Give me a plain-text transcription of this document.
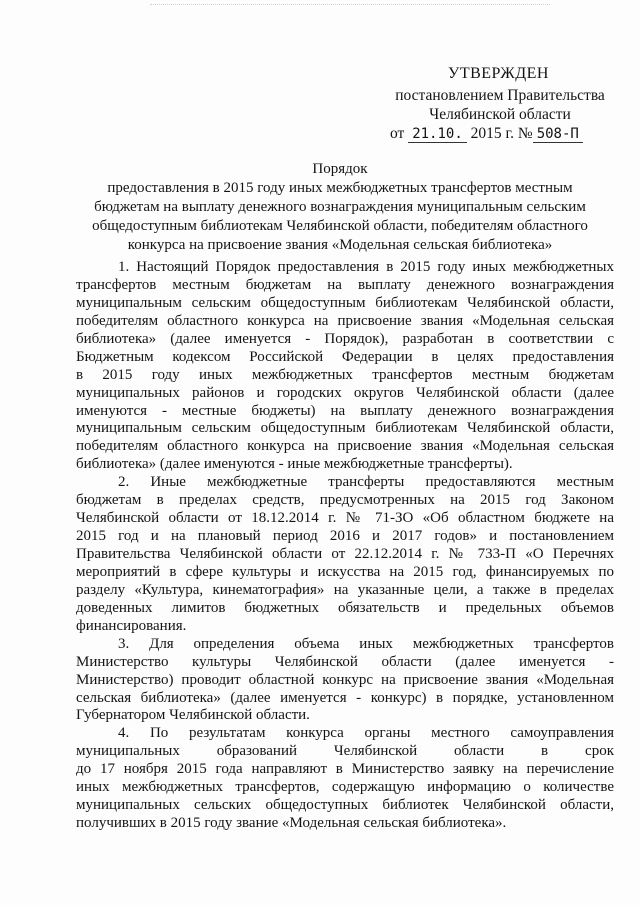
УТВЕРЖДЕН
постановлением Правительства
Челябинской области
от 21.10. 2015 г. № 508-П
Порядок
предоставления в 2015 году иных межбюджетных трансфертов местным
бюджетам на выплату денежного вознаграждения муниципальным сельским
общедоступным библиотекам Челябинской области, победителям областного
конкурса на присвоение звания «Модельная сельская библиотека»
1. Настоящий Порядок предоставления в 2015 году иных межбюджетных
трансфертов местным бюджетам на выплату денежного вознаграждения
муниципальным сельским общедоступным библиотекам Челябинской области,
победителям областного конкурса на присвоение звания «Модельная сельская
библиотека» (далее именуется - Порядок), разработан в соответствии с
Бюджетным кодексом Российской Федерации в целях предоставления
в 2015 году иных межбюджетных трансфертов местным бюджетам
муниципальных районов и городских округов Челябинской области (далее
именуются - местные бюджеты) на выплату денежного вознаграждения
муниципальным сельским общедоступным библиотекам Челябинской области,
победителям областного конкурса на присвоение звания «Модельная сельская
библиотека» (далее именуются - иные межбюджетные трансферты).
2. Иные межбюджетные трансферты предоставляются местным
бюджетам в пределах средств, предусмотренных на 2015 год Законом
Челябинской области от 18.12.2014 г. № 71-ЗО «Об областном бюджете на
2015 год и на плановый период 2016 и 2017 годов» и постановлением
Правительства Челябинской области от 22.12.2014 г. № 733-П «О Перечнях
мероприятий в сфере культуры и искусства на 2015 год, финансируемых по
разделу «Культура, кинематография» на указанные цели, а также в пределах
доведенных лимитов бюджетных обязательств и предельных объемов
финансирования.
3. Для определения объема иных межбюджетных трансфертов
Министерство культуры Челябинской области (далее именуется -
Министерство) проводит областной конкурс на присвоение звания «Модельная
сельская библиотека» (далее именуется - конкурс) в порядке, установленном
Губернатором Челябинской области.
4. По результатам конкурса органы местного самоуправления
муниципальных образований Челябинской области в срок
до 17 ноября 2015 года направляют в Министерство заявку на перечисление
иных межбюджетных трансфертов, содержащую информацию о количестве
муниципальных сельских общедоступных библиотек Челябинской области,
получивших в 2015 году звание «Модельная сельская библиотека».
